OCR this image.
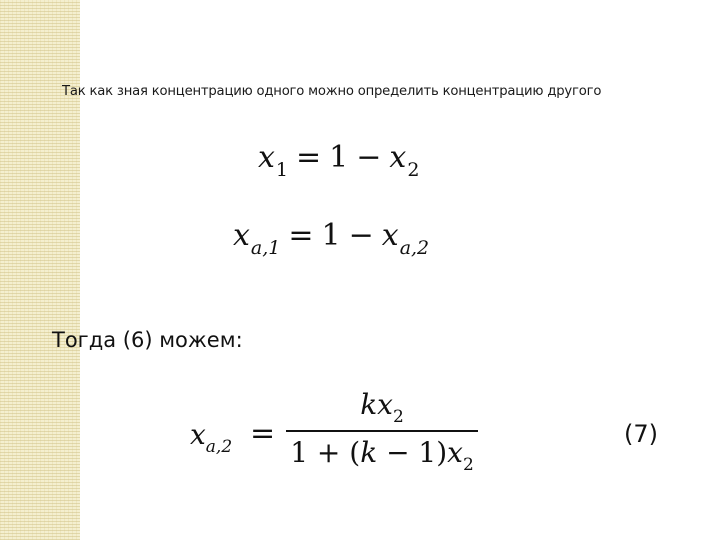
Так как зная концентрацию одного можно определить концентрацию другого
$x_1 = 1 - x_2$
$x_{a,1} = 1 - x_{a,2}$
Тогда (6) можем:
$x_{a,2}$ =
$kx_2$
$1 + (k - 1)x_2$
(7)
